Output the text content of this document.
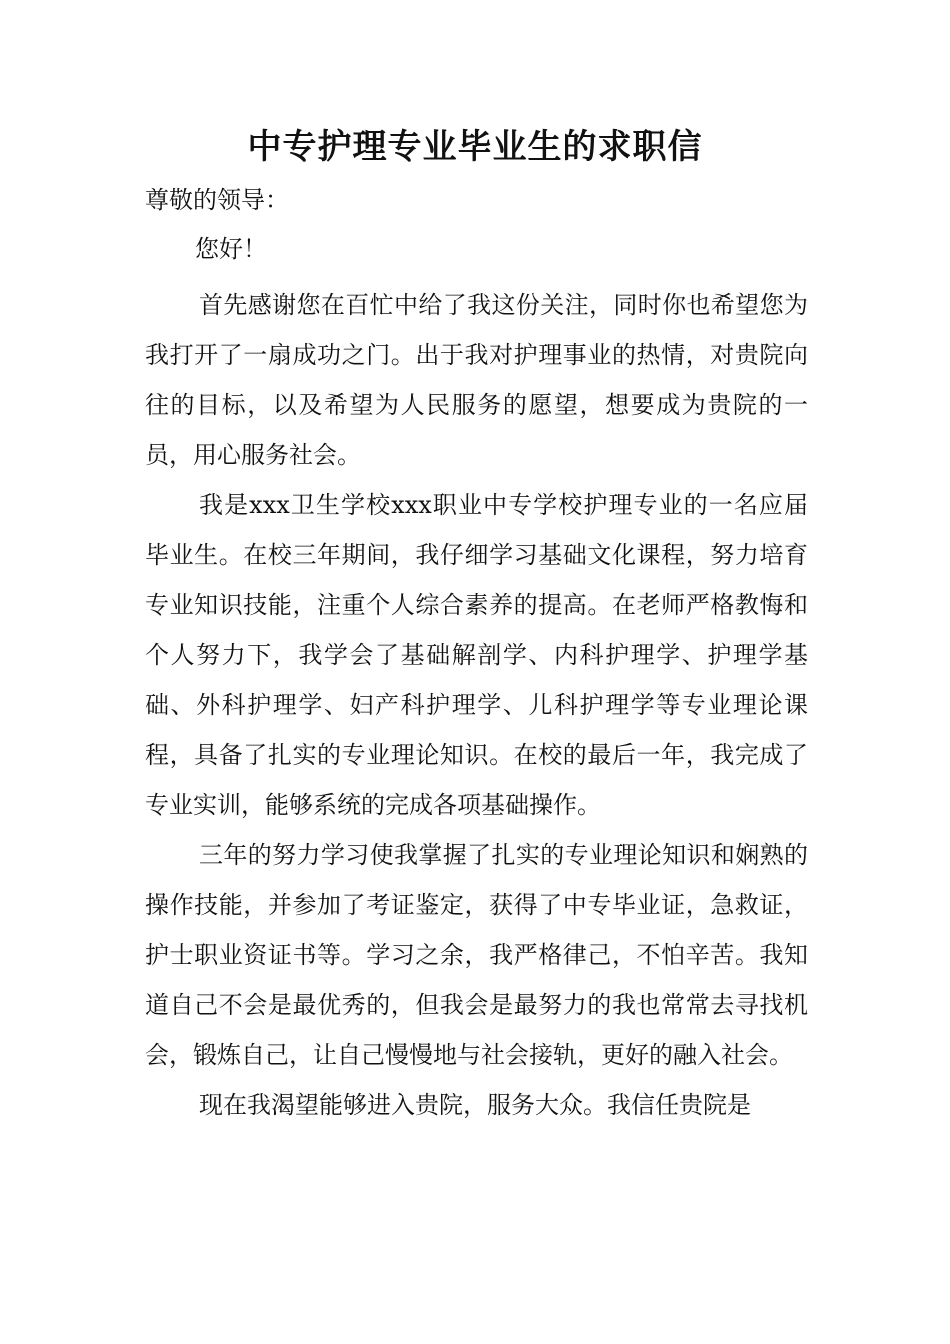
中专护理专业毕业生的求职信
尊敬的领导：
您好！

首先感谢您在百忙中给了我这份关注，同时你也希望您为我打开了一扇成功之门。出于我对护理事业的热情，对贵院向往的目标，以及希望为人民服务的愿望，想要成为贵院的一员，用心服务社会。

我是xxx卫生学校xxx职业中专学校护理专业的一名应届毕业生。在校三年期间，我仔细学习基础文化课程，努力培育专业知识技能，注重个人综合素养的提高。在老师严格教悔和个人努力下，我学会了基础解剖学、内科护理学、护理学基础、外科护理学、妇产科护理学、儿科护理学等专业理论课程，具备了扎实的专业理论知识。在校的最后一年，我完成了专业实训，能够系统的完成各项基础操作。

三年的努力学习使我掌握了扎实的专业理论知识和娴熟的操作技能，并参加了考证鉴定，获得了中专毕业证，急救证，护士职业资证书等。学习之余，我严格律己，不怕辛苦。我知道自己不会是最优秀的，但我会是最努力的我也常常去寻找机会，锻炼自己，让自己慢慢地与社会接轨，更好的融入社会。

现在我渴望能够进入贵院，服务大众。我信任贵院是
